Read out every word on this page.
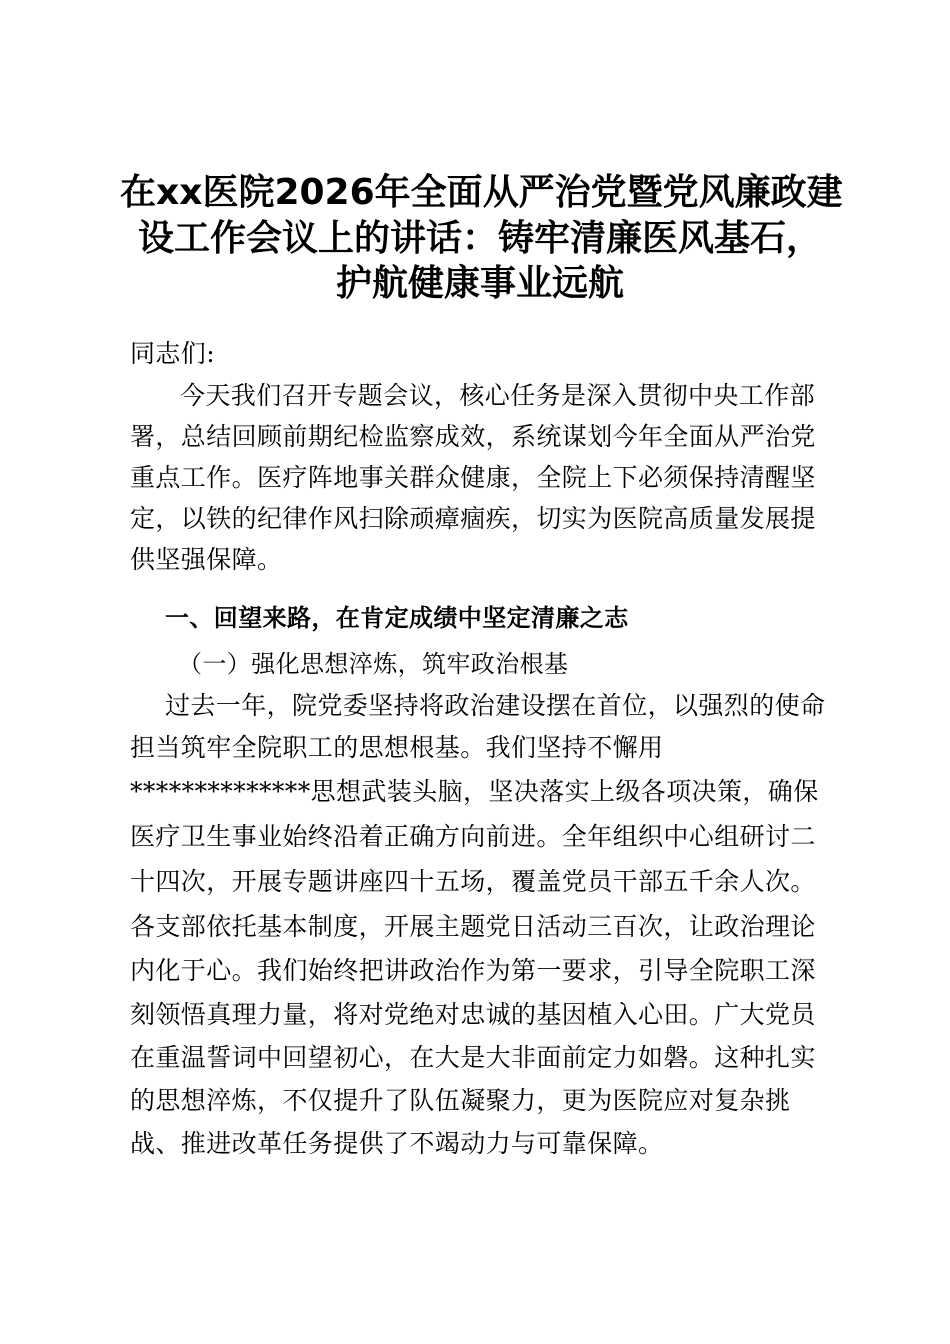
在xx医院2026年全面从严治党暨党风廉政建
设工作会议上的讲话：铸牢清廉医风基石，
护航健康事业远航
同志们:
今天我们召开专题会议，核心任务是深入贯彻中央工作部
署，总结回顾前期纪检监察成效，系统谋划今年全面从严治党
重点工作。医疗阵地事关群众健康，全院上下必须保持清醒坚
定，以铁的纪律作风扫除顽瘴痼疾，切实为医院高质量发展提
供坚强保障。
一、回望来路，在肯定成绩中坚定清廉之志
（一）强化思想淬炼，筑牢政治根基
过去一年，院党委坚持将政治建设摆在首位，以强烈的使命
担当筑牢全院职工的思想根基。我们坚持不懈用
**************思想武装头脑，坚决落实上级各项决策，确保
医疗卫生事业始终沿着正确方向前进。全年组织中心组研讨二
十四次，开展专题讲座四十五场，覆盖党员干部五千余人次。
各支部依托基本制度，开展主题党日活动三百次，让政治理论
内化于心。我们始终把讲政治作为第一要求，引导全院职工深
刻领悟真理力量，将对党绝对忠诚的基因植入心田。广大党员
在重温誓词中回望初心，在大是大非面前定力如磐。这种扎实
的思想淬炼，不仅提升了队伍凝聚力，更为医院应对复杂挑
战、推进改革任务提供了不竭动力与可靠保障。
